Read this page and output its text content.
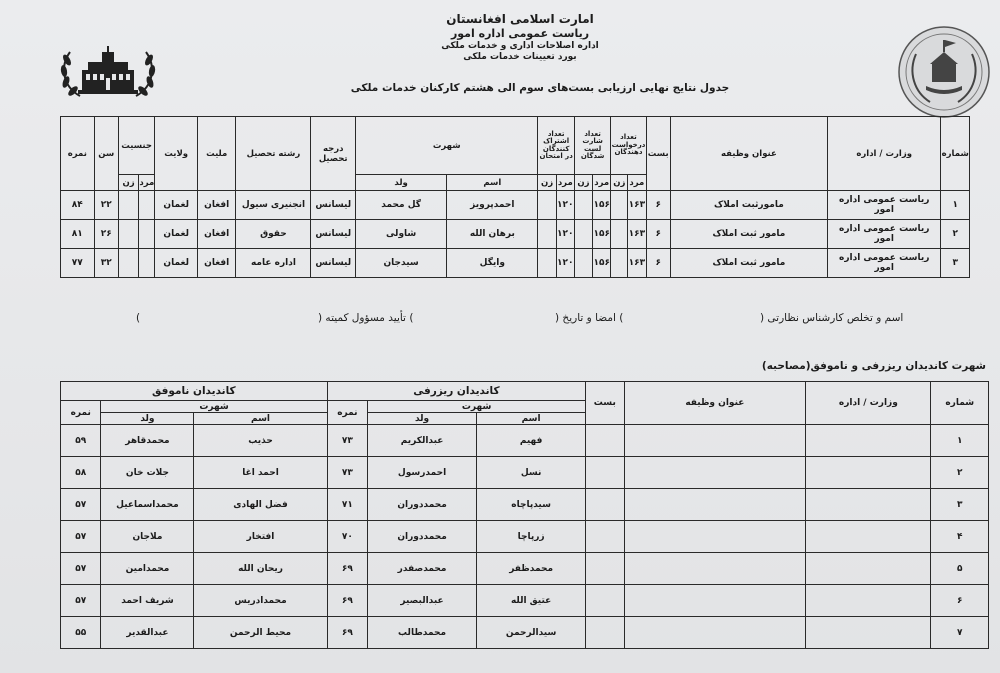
امارت اسلامی افغانستان
ریاست عمومی اداره امور
اداره اصلاحات اداری و خدمات ملکی
بورد تعیینات خدمات ملکی
جدول نتایج نهایی ارزیابی بست‌های سوم الی هشتم کارکنان خدمات ملکی
شماره	وزارت / اداره	عنوان وظیفه	بست	تعداد درخواست دهندگان		تعداد شارت لست شدگان		تعداد اشتراک کنندگان در امتحان		شهرت		درجه تحصیل	رشته تحصیل	ملیت	ولایت	جنسیت		سن	نمره
				مرد	زن	مرد	زن	مرد	زن	اسم	ولد					مرد	زن		
۱	ریاست عمومی اداره امور	مامورثبت املاک	۶	۱۶۳		۱۵۶		۱۲۰		احمدپرویز	گل محمد	لیسانس	انجنیری سیول	افغان	لغمان			۲۲	۸۴
۲	ریاست عمومی اداره امور	مامور ثبت املاک	۶	۱۶۳		۱۵۶		۱۲۰		برهان الله	شاولی	لیسانس	حقوق	افغان	لغمان			۲۶	۸۱
۳	ریاست عمومی اداره امور	مامور ثبت املاک	۶	۱۶۳		۱۵۶		۱۲۰		وایگل	سیدجان	لیسانس	اداره عامه	افغان	لغمان			۳۲	۷۷
اسم و تخلص کارشناس نظارتی (
) امضا و تاریخ (
) تأیید مسؤول کمیته (
)
شهرت کاندیدان ریزرفی و ناموفق(مصاحبه)
شماره	وزارت / اداره	عنوان وظیفه	بست	کاندیدان ریزرفی			کاندیدان ناموفق		
				شهرت		نمره	شهرت		نمره
				اسم	ولد		اسم	ولد	
۱				فهیم	عبدالکریم	۷۳	حذیب	محمدقاهر	۵۹
۲				نسل	احمدرسول	۷۳	احمد اغا	جلات خان	۵۸
۳				سیدپاچاه	محمددوران	۷۱	فضل الهادی	محمداسماعیل	۵۷
۴				زرپاچا	محمددوران	۷۰	افتخار	ملاجان	۵۷
۵				محمدظفر	محمدصفدر	۶۹	ریحان الله	محمدامین	۵۷
۶				عتیق الله	عبدالبصیر	۶۹	محمدادریس	شریف احمد	۵۷
۷				سیدالرحمن	محمدطالب	۶۹	محیط الرحمن	عبدالقدیر	۵۵
